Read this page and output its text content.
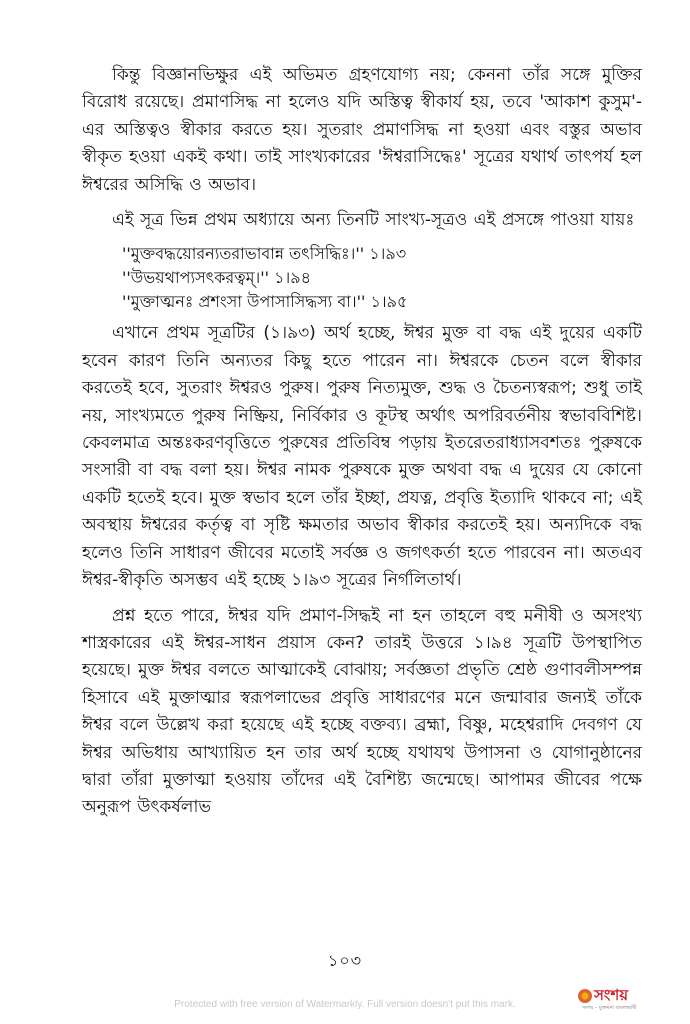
কিন্তু বিজ্ঞানভিক্ষুর এই অভিমত গ্রহণযোগ্য নয়; কেননা তাঁর সঙ্গে মুক্তির বিরোধ রয়েছে। প্রমাণসিদ্ধ না হলেও যদি অস্তিত্ব স্বীকার্য হয়, তবে 'আকাশ কুসুম'-এর অস্তিত্বও স্বীকার করতে হয়। সুতরাং প্রমাণসিদ্ধ না হওয়া এবং বস্তুর অভাব স্বীকৃত হওয়া একই কথা। তাই সাংখ্যকারের 'ঈশ্বরাসিদ্ধেঃ' সূত্রের যথার্থ তাৎপর্য হল ঈশ্বরের অসিদ্ধি ও অভাব।

এই সূত্র ভিন্ন প্রথম অধ্যায়ে অন্য তিনটি সাংখ্য-সূত্রও এই প্রসঙ্গে পাওয়া যায়ঃ

''মুক্তবদ্ধয়োরন্যতরাভাবান্ন তৎসিদ্ধিঃ।'' ১।৯৩

''উভয়থাপ্যসৎকরত্বম্।'' ১।৯৪

''মুক্তাত্মনঃ প্রশংসা উপাসাসিদ্ধস্য বা।'' ১।৯৫

এখানে প্রথম সূত্রটির (১।৯৩) অর্থ হচ্ছে, ঈশ্বর মুক্ত বা বদ্ধ এই দুয়ের একটি হবেন কারণ তিনি অন্যতর কিছু হতে পারেন না। ঈশ্বরকে চেতন বলে স্বীকার করতেই হবে, সুতরাং ঈশ্বরও পুরুষ। পুরুষ নিত্যমুক্ত, শুদ্ধ ও চৈতন্যস্বরূপ; শুধু তাই নয়, সাংখ্যমতে পুরুষ নিষ্ক্রিয়, নির্বিকার ও কূটস্থ অর্থাৎ অপরিবর্তনীয় স্বভাববিশিষ্ট। কেবলমাত্র অন্তঃকরণবৃত্তিতে পুরুষের প্রতিবিম্ব পড়ায় ইতরেতরাধ্যাসবশতঃ পুরুষকে সংসারী বা বদ্ধ বলা হয়। ঈশ্বর নামক পুরুষকে মুক্ত অথবা বদ্ধ এ দুয়ের যে কোনো একটি হতেই হবে। মুক্ত স্বভাব হলে তাঁর ইচ্ছা, প্রযত্ন, প্রবৃত্তি ইত্যাদি থাকবে না; এই অবস্থায় ঈশ্বরের কর্তৃত্ব বা সৃষ্টি ক্ষমতার অভাব স্বীকার করতেই হয়। অন্যদিকে বদ্ধ হলেও তিনি সাধারণ জীবের মতোই সর্বজ্ঞ ও জগৎকর্তা হতে পারবেন না। অতএব ঈশ্বর-স্বীকৃতি অসম্ভব এই হচ্ছে ১।৯৩ সূত্রের নির্গলিতার্থ।

প্রশ্ন হতে পারে, ঈশ্বর যদি প্রমাণ-সিদ্ধই না হন তাহলে বহু মনীষী ও অসংখ্য শাস্ত্রকারের এই ঈশ্বর-সাধন প্রয়াস কেন? তারই উত্তরে ১।৯৪ সূত্রটি উপস্থাপিত হয়েছে। মুক্ত ঈশ্বর বলতে আত্মাকেই বোঝায়; সর্বজ্ঞতা প্রভৃতি শ্রেষ্ঠ গুণাবলীসম্পন্ন হিসাবে এই মুক্তাত্মার স্বরূপলাভের প্রবৃত্তি সাধারণের মনে জন্মাবার জন্যই তাঁকে ঈশ্বর বলে উল্লেখ করা হয়েছে এই হচ্ছে বক্তব্য। ব্রহ্মা, বিষ্ণু, মহেশ্বরাদি দেবগণ যে ঈশ্বর অভিধায় আখ্যায়িত হন তার অর্থ হচ্ছে যথাযথ উপাসনা ও যোগানুষ্ঠানের দ্বারা তাঁরা মুক্তাত্মা হওয়ায় তাঁদের এই বৈশিষ্ট্য জন্মেছে। আপামর জীবের পক্ষে অনুরূপ উৎকর্ষলাভ

১০৩
Protected with free version of Watermarkly. Full version doesn't put this mark.
সংশয়
সংশয় – মুক্তমনা বাংলাভাষী
